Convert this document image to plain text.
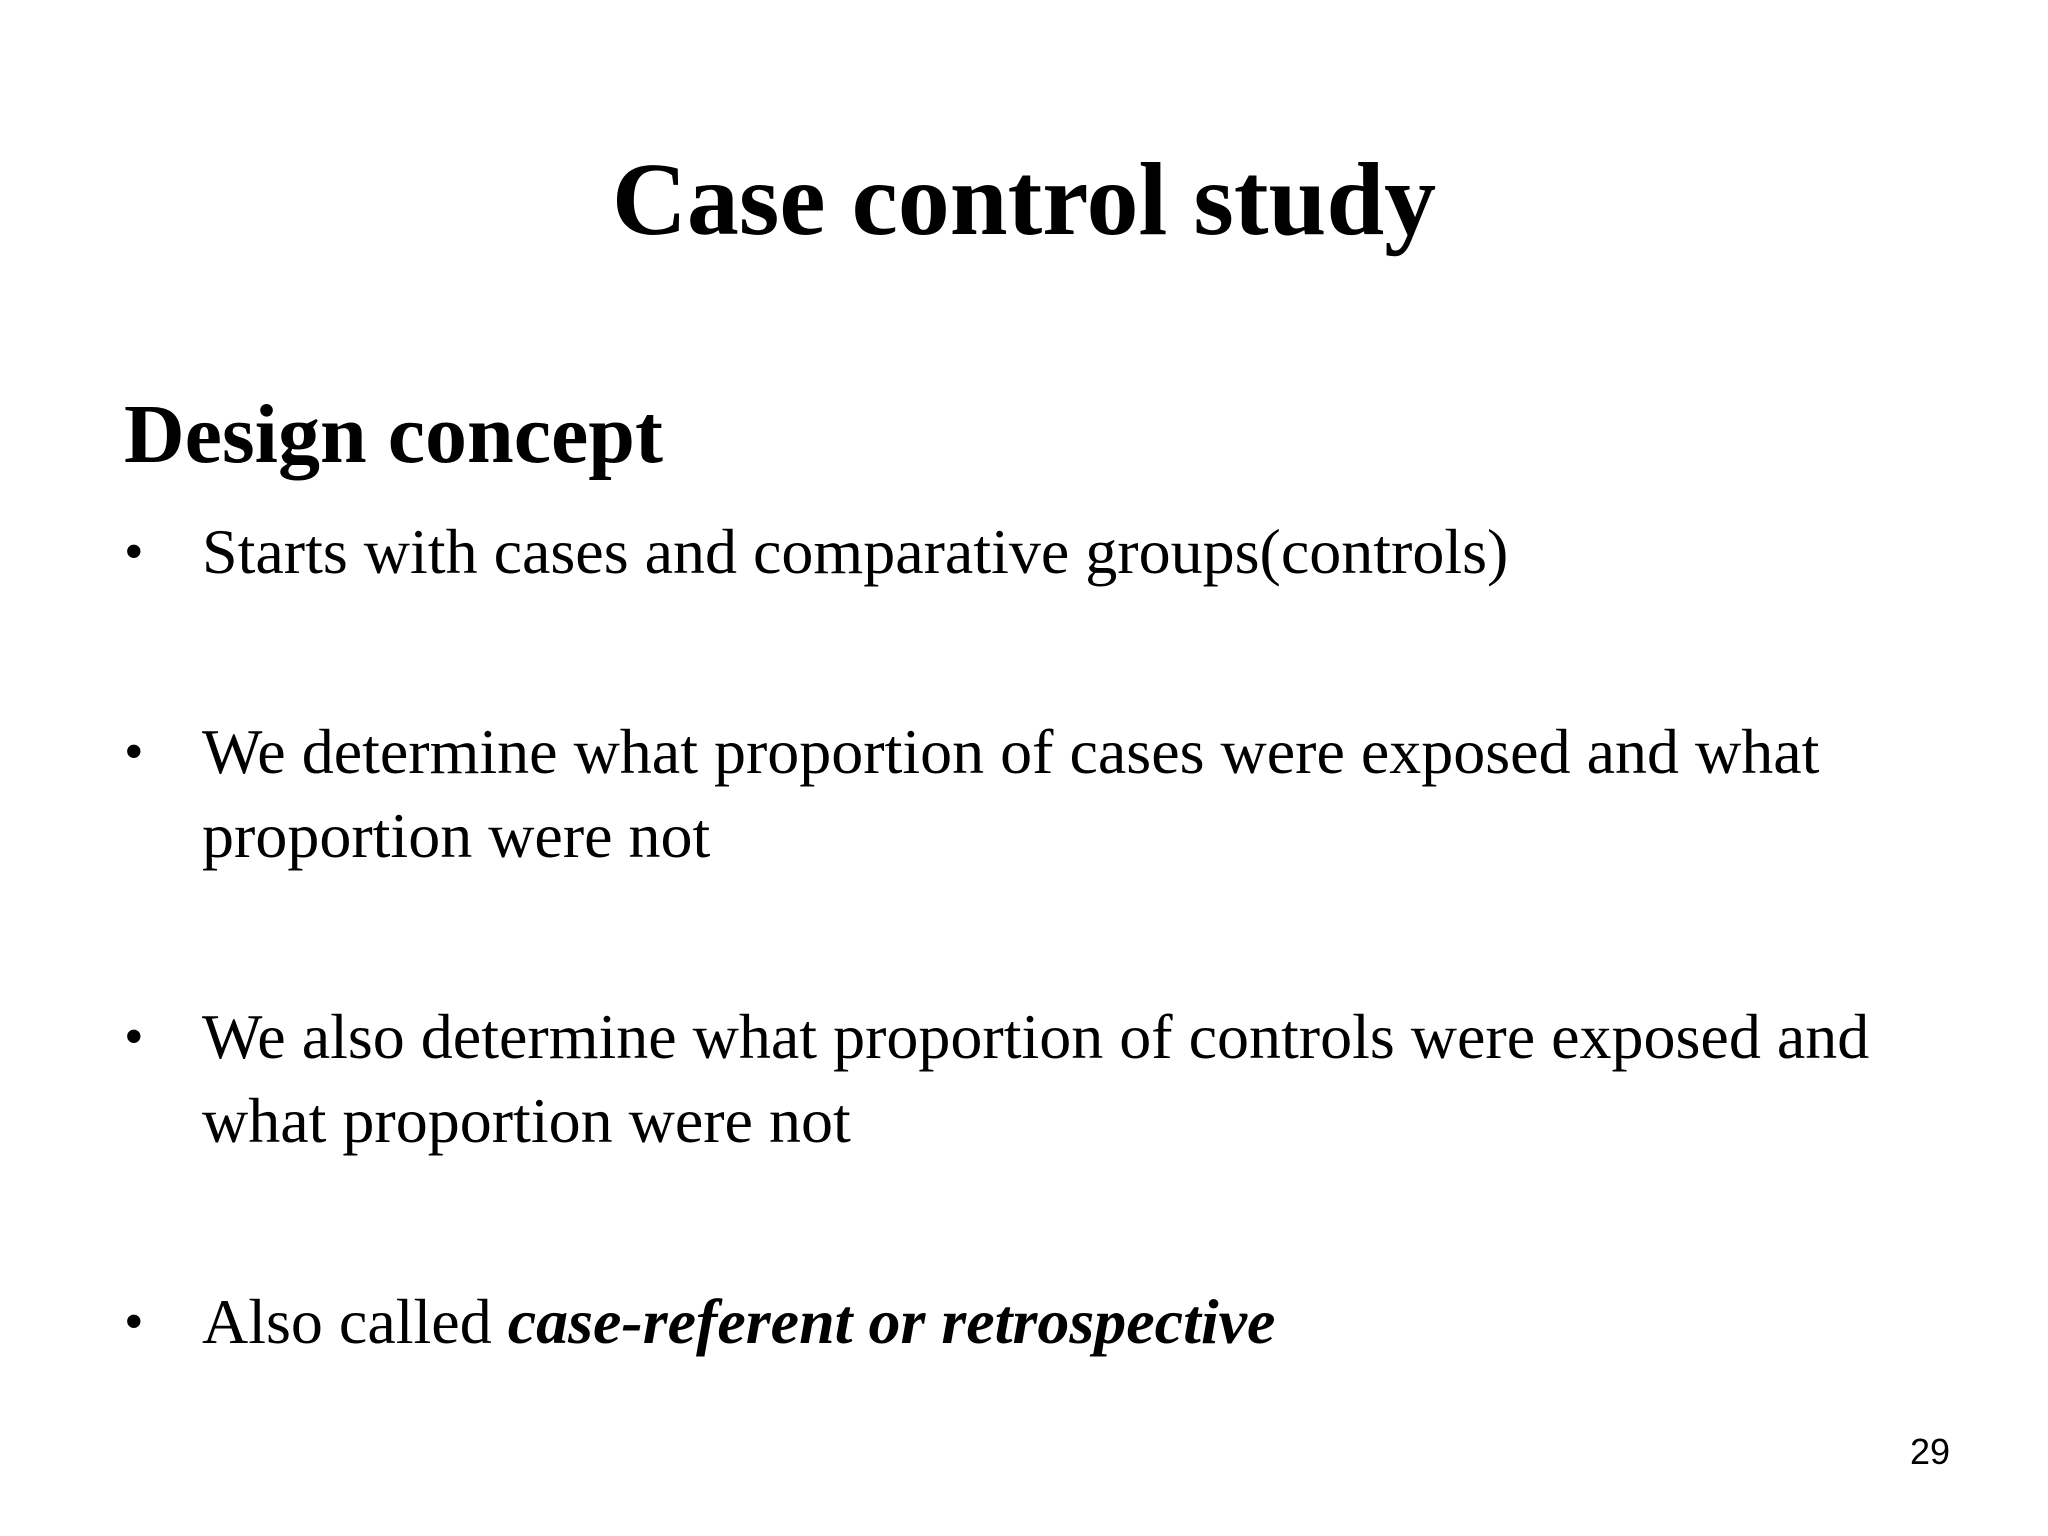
Case control study
Design concept
• Starts with cases and comparative groups(controls)
• We determine what proportion of cases were exposed and what proportion were not
• We also determine what proportion of controls were exposed and what proportion were not
• Also called case-referent or retrospective
29
